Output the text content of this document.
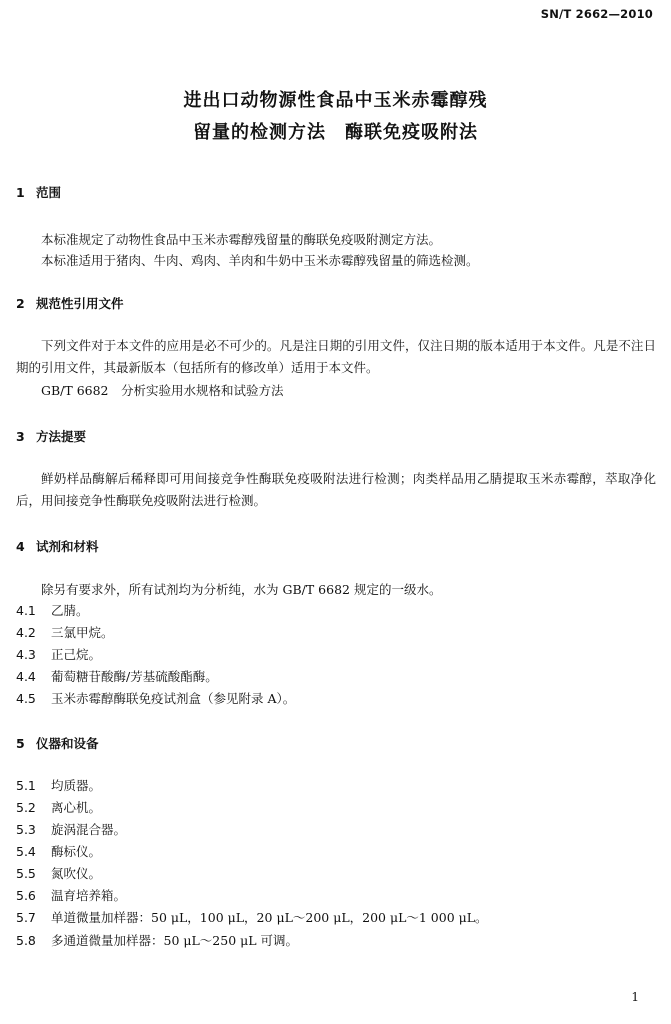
SN/T 2662—2010
进出口动物源性食品中玉米赤霉醇残
留量的检测方法　酶联免疫吸附法
1 范围
本标准规定了动物性食品中玉米赤霉醇残留量的酶联免疫吸附测定方法。
本标准适用于猪肉、牛肉、鸡肉、羊肉和牛奶中玉米赤霉醇残留量的筛选检测。
2 规范性引用文件
下列文件对于本文件的应用是必不可少的。凡是注日期的引用文件，仅注日期的版本适用于本文件。凡是不注日期的引用文件，其最新版本（包括所有的修改单）适用于本文件。
GB/T 6682　分析实验用水规格和试验方法
3 方法提要
鲜奶样品酶解后稀释即可用间接竞争性酶联免疫吸附法进行检测；肉类样品用乙腈提取玉米赤霉醇，萃取净化后，用间接竞争性酶联免疫吸附法进行检测。
4 试剂和材料
除另有要求外，所有试剂均为分析纯，水为 GB/T 6682 规定的一级水。
4.1 乙腈。
4.2 三氯甲烷。
4.3 正己烷。
4.4 葡萄糖苷酸酶/芳基硫酸酯酶。
4.5 玉米赤霉醇酶联免疫试剂盒（参见附录 A）。
5 仪器和设备
5.1 均质器。
5.2 离心机。
5.3 旋涡混合器。
5.4 酶标仪。
5.5 氮吹仪。
5.6 温育培养箱。
5.7 单道微量加样器：50 μL，100 μL，20 μL～200 μL，200 μL～1 000 μL。
5.8 多通道微量加样器：50 μL～250 μL 可调。
1
